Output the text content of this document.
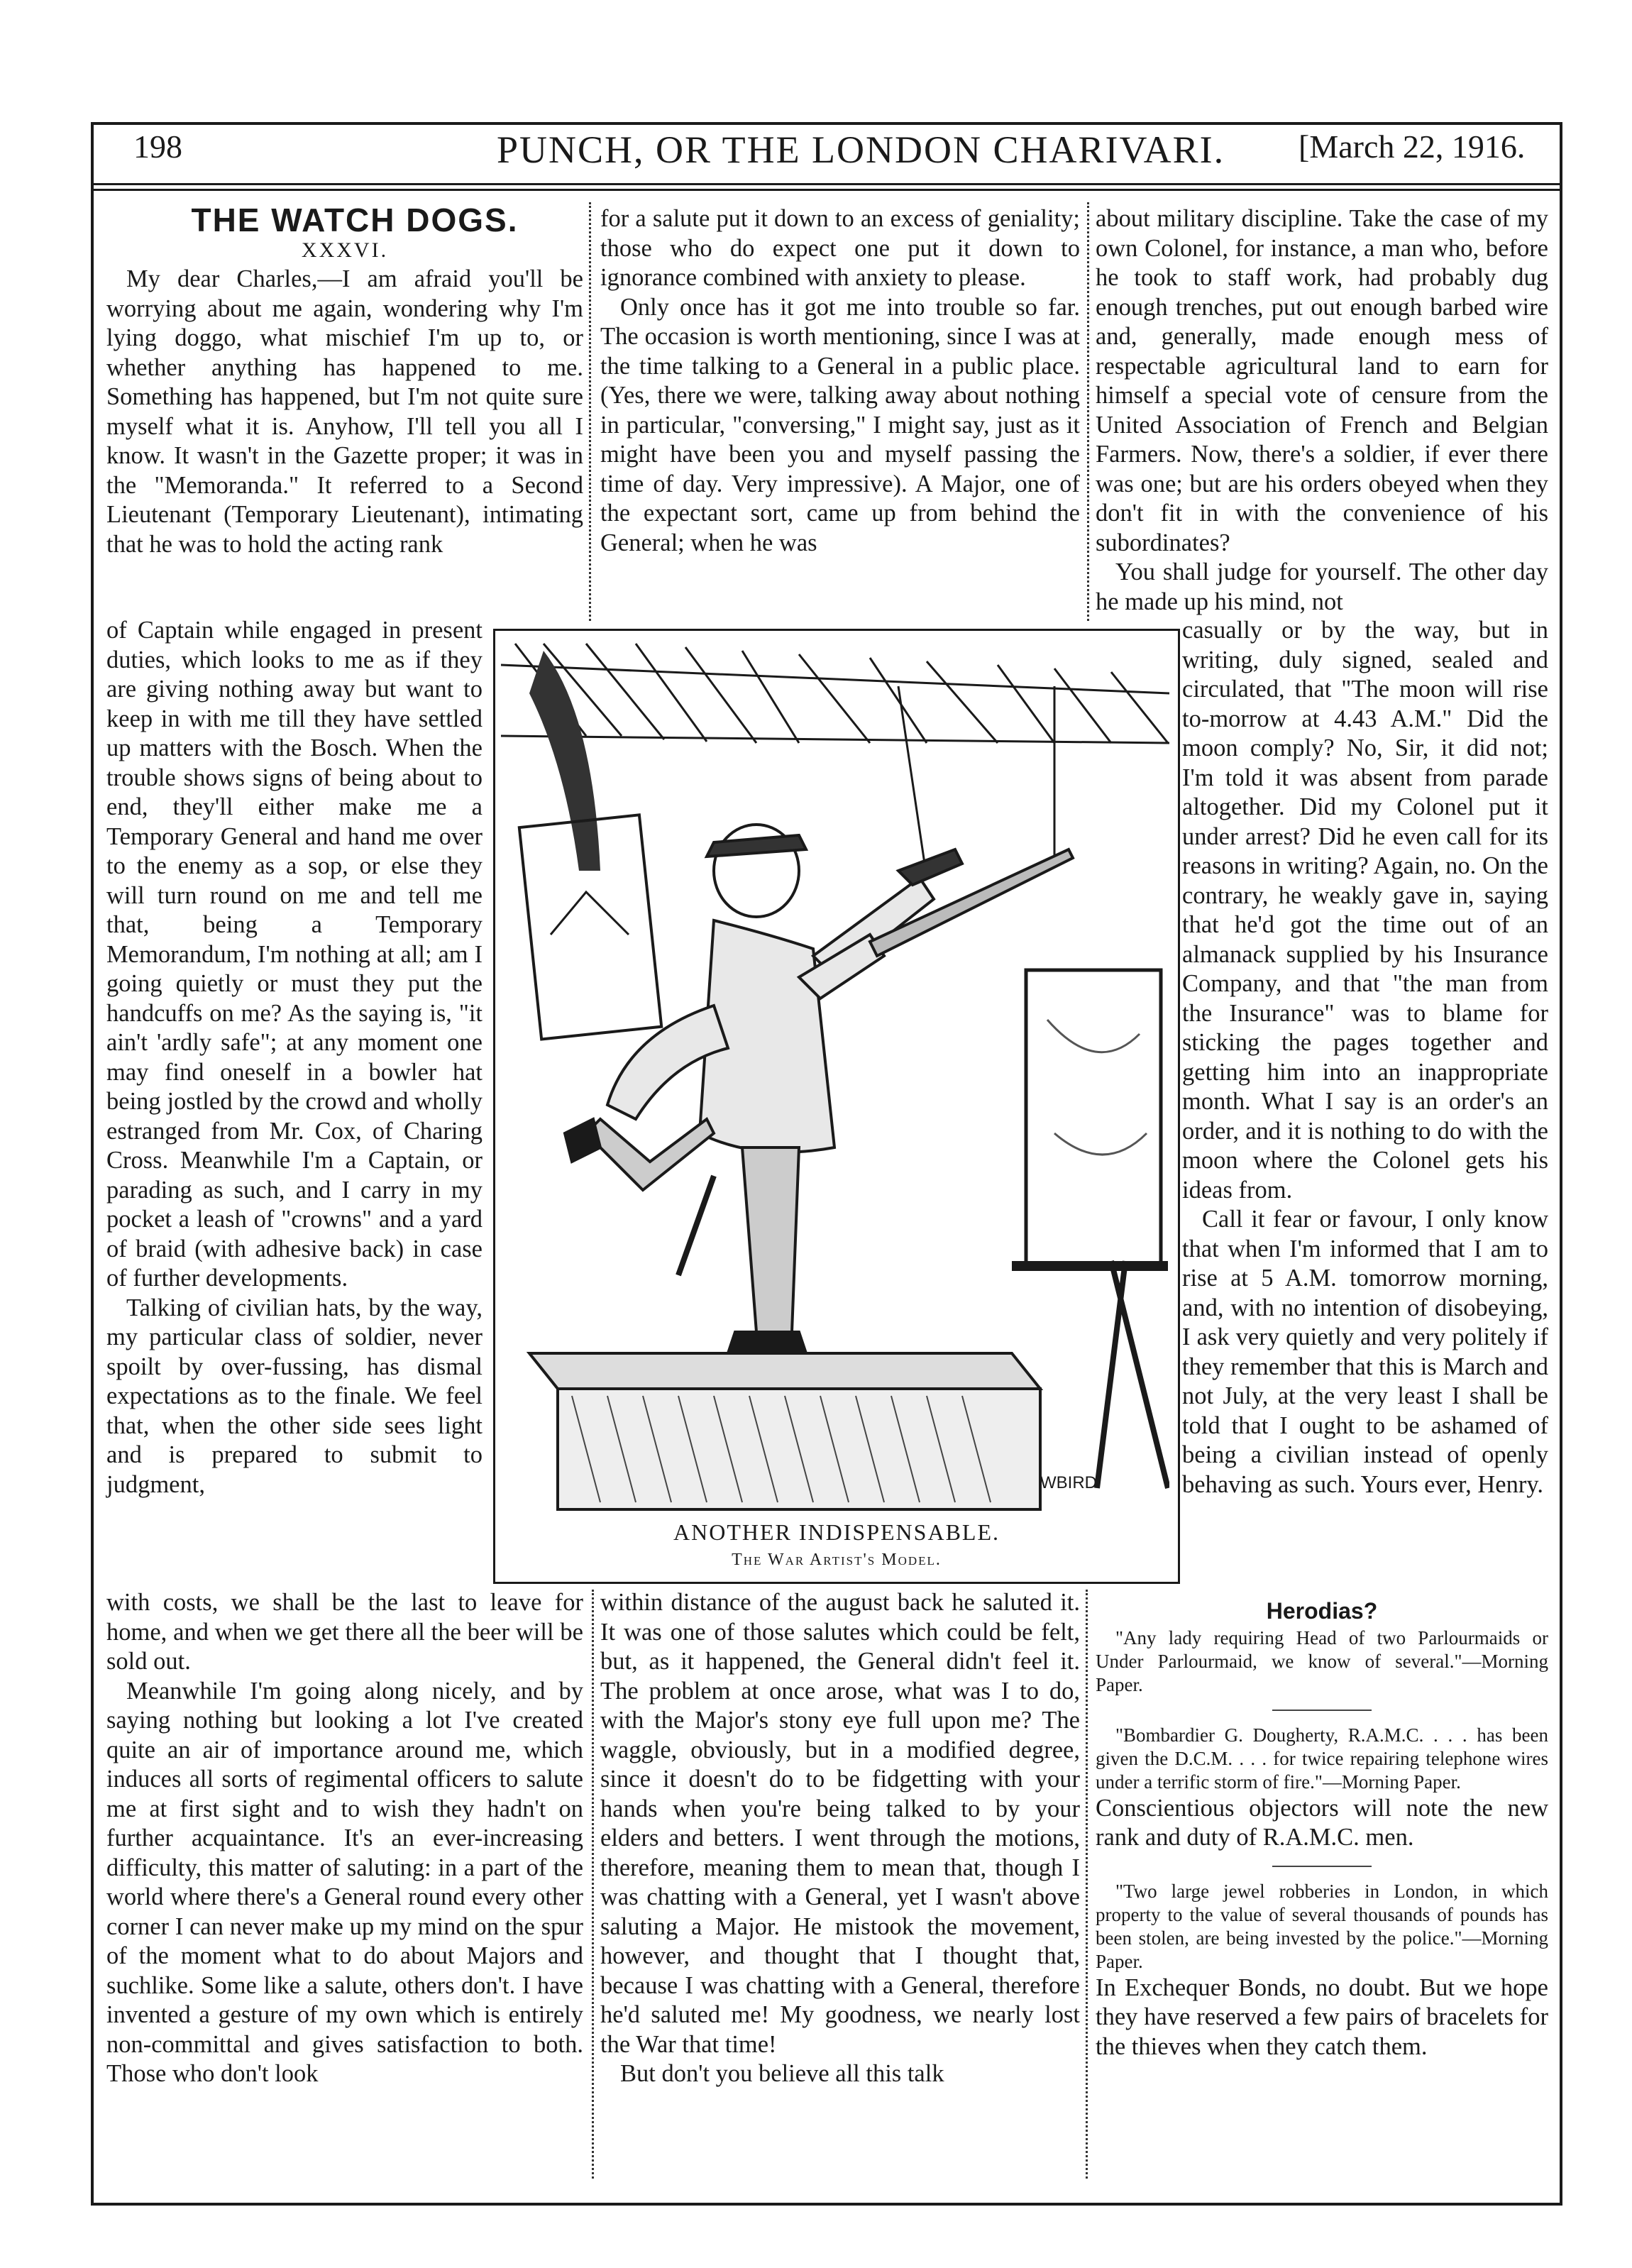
198	PUNCH, OR THE LONDON CHARIVARI.	[March 22, 1916.

THE WATCH DOGS.

XXXVI.

My dear Charles,—I am afraid you'll be worrying about me again, wondering why I'm lying doggo, what mischief I'm up to, or whether anything has happened to me. Something has happened, but I'm not quite sure myself what it is. Anyhow, I'll tell you all I know. It wasn't in the Gazette proper; it was in the "Memoranda." It referred to a Second Lieutenant (Temporary Lieutenant), intimating that he was to hold the acting rank

of Captain while engaged in present duties, which looks to me as if they are giving nothing away but want to keep in with me till they have settled up matters with the Bosch. When the trouble shows signs of being about to end, they'll either make me a Temporary General and hand me over to the enemy as a sop, or else they will turn round on me and tell me that, being a Temporary Memorandum, I'm nothing at all; am I going quietly or must they put the handcuffs on me? As the saying is, "it ain't 'ardly safe"; at any moment one may find oneself in a bowler hat being jostled by the crowd and wholly estranged from Mr. Cox, of Charing Cross. Meanwhile I'm a Captain, or parading as such, and I carry in my pocket a leash of "crowns" and a yard of braid (with adhesive back) in case of further developments.

Talking of civilian hats, by the way, my particular class of soldier, never spoilt by over-fussing, has dismal expectations as to the finale. We feel that, when the other side sees light and is prepared to submit to judgment,

with costs, we shall be the last to leave for home, and when we get there all the beer will be sold out.

Meanwhile I'm going along nicely, and by saying nothing but looking a lot I've created quite an air of importance around me, which induces all sorts of regimental officers to salute me at first sight and to wish they hadn't on further acquaintance. It's an ever-increasing difficulty, this matter of saluting: in a part of the world where there's a General round every other corner I can never make up my mind on the spur of the moment what to do about Majors and suchlike. Some like a salute, others don't. I have invented a gesture of my own which is entirely non-committal and gives satisfaction to both. Those who don't look

for a salute put it down to an excess of geniality; those who do expect one put it down to ignorance combined with anxiety to please.

Only once has it got me into trouble so far. The occasion is worth mentioning, since I was at the time talking to a General in a public place. (Yes, there we were, talking away about nothing in particular, "conversing," I might say, just as it might have been you and myself passing the time of day. Very impressive). A Major, one of the expectant sort, came up from behind the General; when he was

within distance of the august back he saluted it. It was one of those salutes which could be felt, but, as it happened, the General didn't feel it. The problem at once arose, what was I to do, with the Major's stony eye full upon me? The waggle, obviously, but in a modified degree, since it doesn't do to be fidgetting with your hands when you're being talked to by your elders and betters. I went through the motions, therefore, meaning them to mean that, though I was chatting with a General, yet I wasn't above saluting a Major. He mistook the movement, however, and thought that I thought that, because I was chatting with a General, therefore he'd saluted me! My goodness, we nearly lost the War that time!

But don't you believe all this talk

about military discipline. Take the case of my own Colonel, for instance, a man who, before he took to staff work, had probably dug enough trenches, put out enough barbed wire and, generally, made enough mess of respectable agricultural land to earn for himself a special vote of censure from the United Association of French and Belgian Farmers. Now, there's a soldier, if ever there was one; but are his orders obeyed when they don't fit in with the convenience of his subordinates?

You shall judge for yourself. The other day he made up his mind, not

casually or by the way, but in writing, duly signed, sealed and circulated, that "The moon will rise to-morrow at 4.43 A.M." Did the moon comply? No, Sir, it did not; I'm told it was absent from parade altogether. Did my Colonel put it under arrest? Did he even call for its reasons in writing? Again, no. On the contrary, he weakly gave in, saying that he'd got the time out of an almanack supplied by his Insurance Company, and that "the man from the Insurance" was to blame for sticking the pages together and getting him into an inappropriate month. What I say is an order's an order, and it is nothing to do with the moon where the Colonel gets his ideas from.

Call it fear or favour, I only know that when I'm informed that I am to rise at 5 A.M. tomorrow morning, and, with no intention of disobeying, I ask very quietly and very politely if they remember that this is March and not July, at the very least I shall be told that I ought to be ashamed of being a civilian instead of openly behaving as such. Yours ever, Henry.

WBIRD
ANOTHER INDISPENSABLE.
The War Artist's Model.

Herodias?

"Any lady requiring Head of two Parlourmaids or Under Parlourmaid, we know of several."—Morning Paper.

"Bombardier G. Dougherty, R.A.M.C. . . . has been given the D.C.M. . . . for twice repairing telephone wires under a terrific storm of fire."—Morning Paper.

Conscientious objectors will note the new rank and duty of R.A.M.C. men.

"Two large jewel robberies in London, in which property to the value of several thousands of pounds has been stolen, are being invested by the police."—Morning Paper.

In Exchequer Bonds, no doubt. But we hope they have reserved a few pairs of bracelets for the thieves when they catch them.
